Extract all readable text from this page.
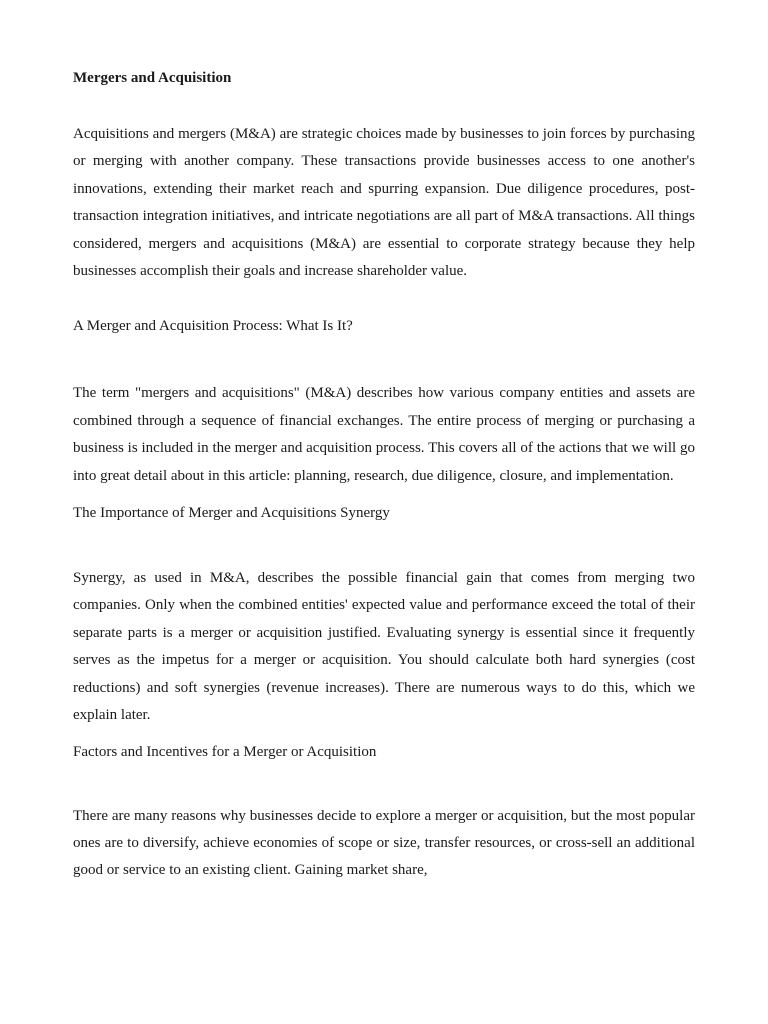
Mergers and Acquisition

Acquisitions and mergers (M&A) are strategic choices made by businesses to join forces by purchasing or merging with another company. These transactions provide businesses access to one another's innovations, extending their market reach and spurring expansion. Due diligence procedures, post-transaction integration initiatives, and intricate negotiations are all part of M&A transactions. All things considered, mergers and acquisitions (M&A) are essential to corporate strategy because they help businesses accomplish their goals and increase shareholder value.

A Merger and Acquisition Process: What Is It?

The term "mergers and acquisitions" (M&A) describes how various company entities and assets are combined through a sequence of financial exchanges. The entire process of merging or purchasing a business is included in the merger and acquisition process. This covers all of the actions that we will go into great detail about in this article: planning, research, due diligence, closure, and implementation.

The Importance of Merger and Acquisitions Synergy

Synergy, as used in M&A, describes the possible financial gain that comes from merging two companies. Only when the combined entities' expected value and performance exceed the total of their separate parts is a merger or acquisition justified. Evaluating synergy is essential since it frequently serves as the impetus for a merger or acquisition. You should calculate both hard synergies (cost reductions) and soft synergies (revenue increases). There are numerous ways to do this, which we explain later.

Factors and Incentives for a Merger or Acquisition

There are many reasons why businesses decide to explore a merger or acquisition, but the most popular ones are to diversify, achieve economies of scope or size, transfer resources, or cross-sell an additional good or service to an existing client. Gaining market share,
